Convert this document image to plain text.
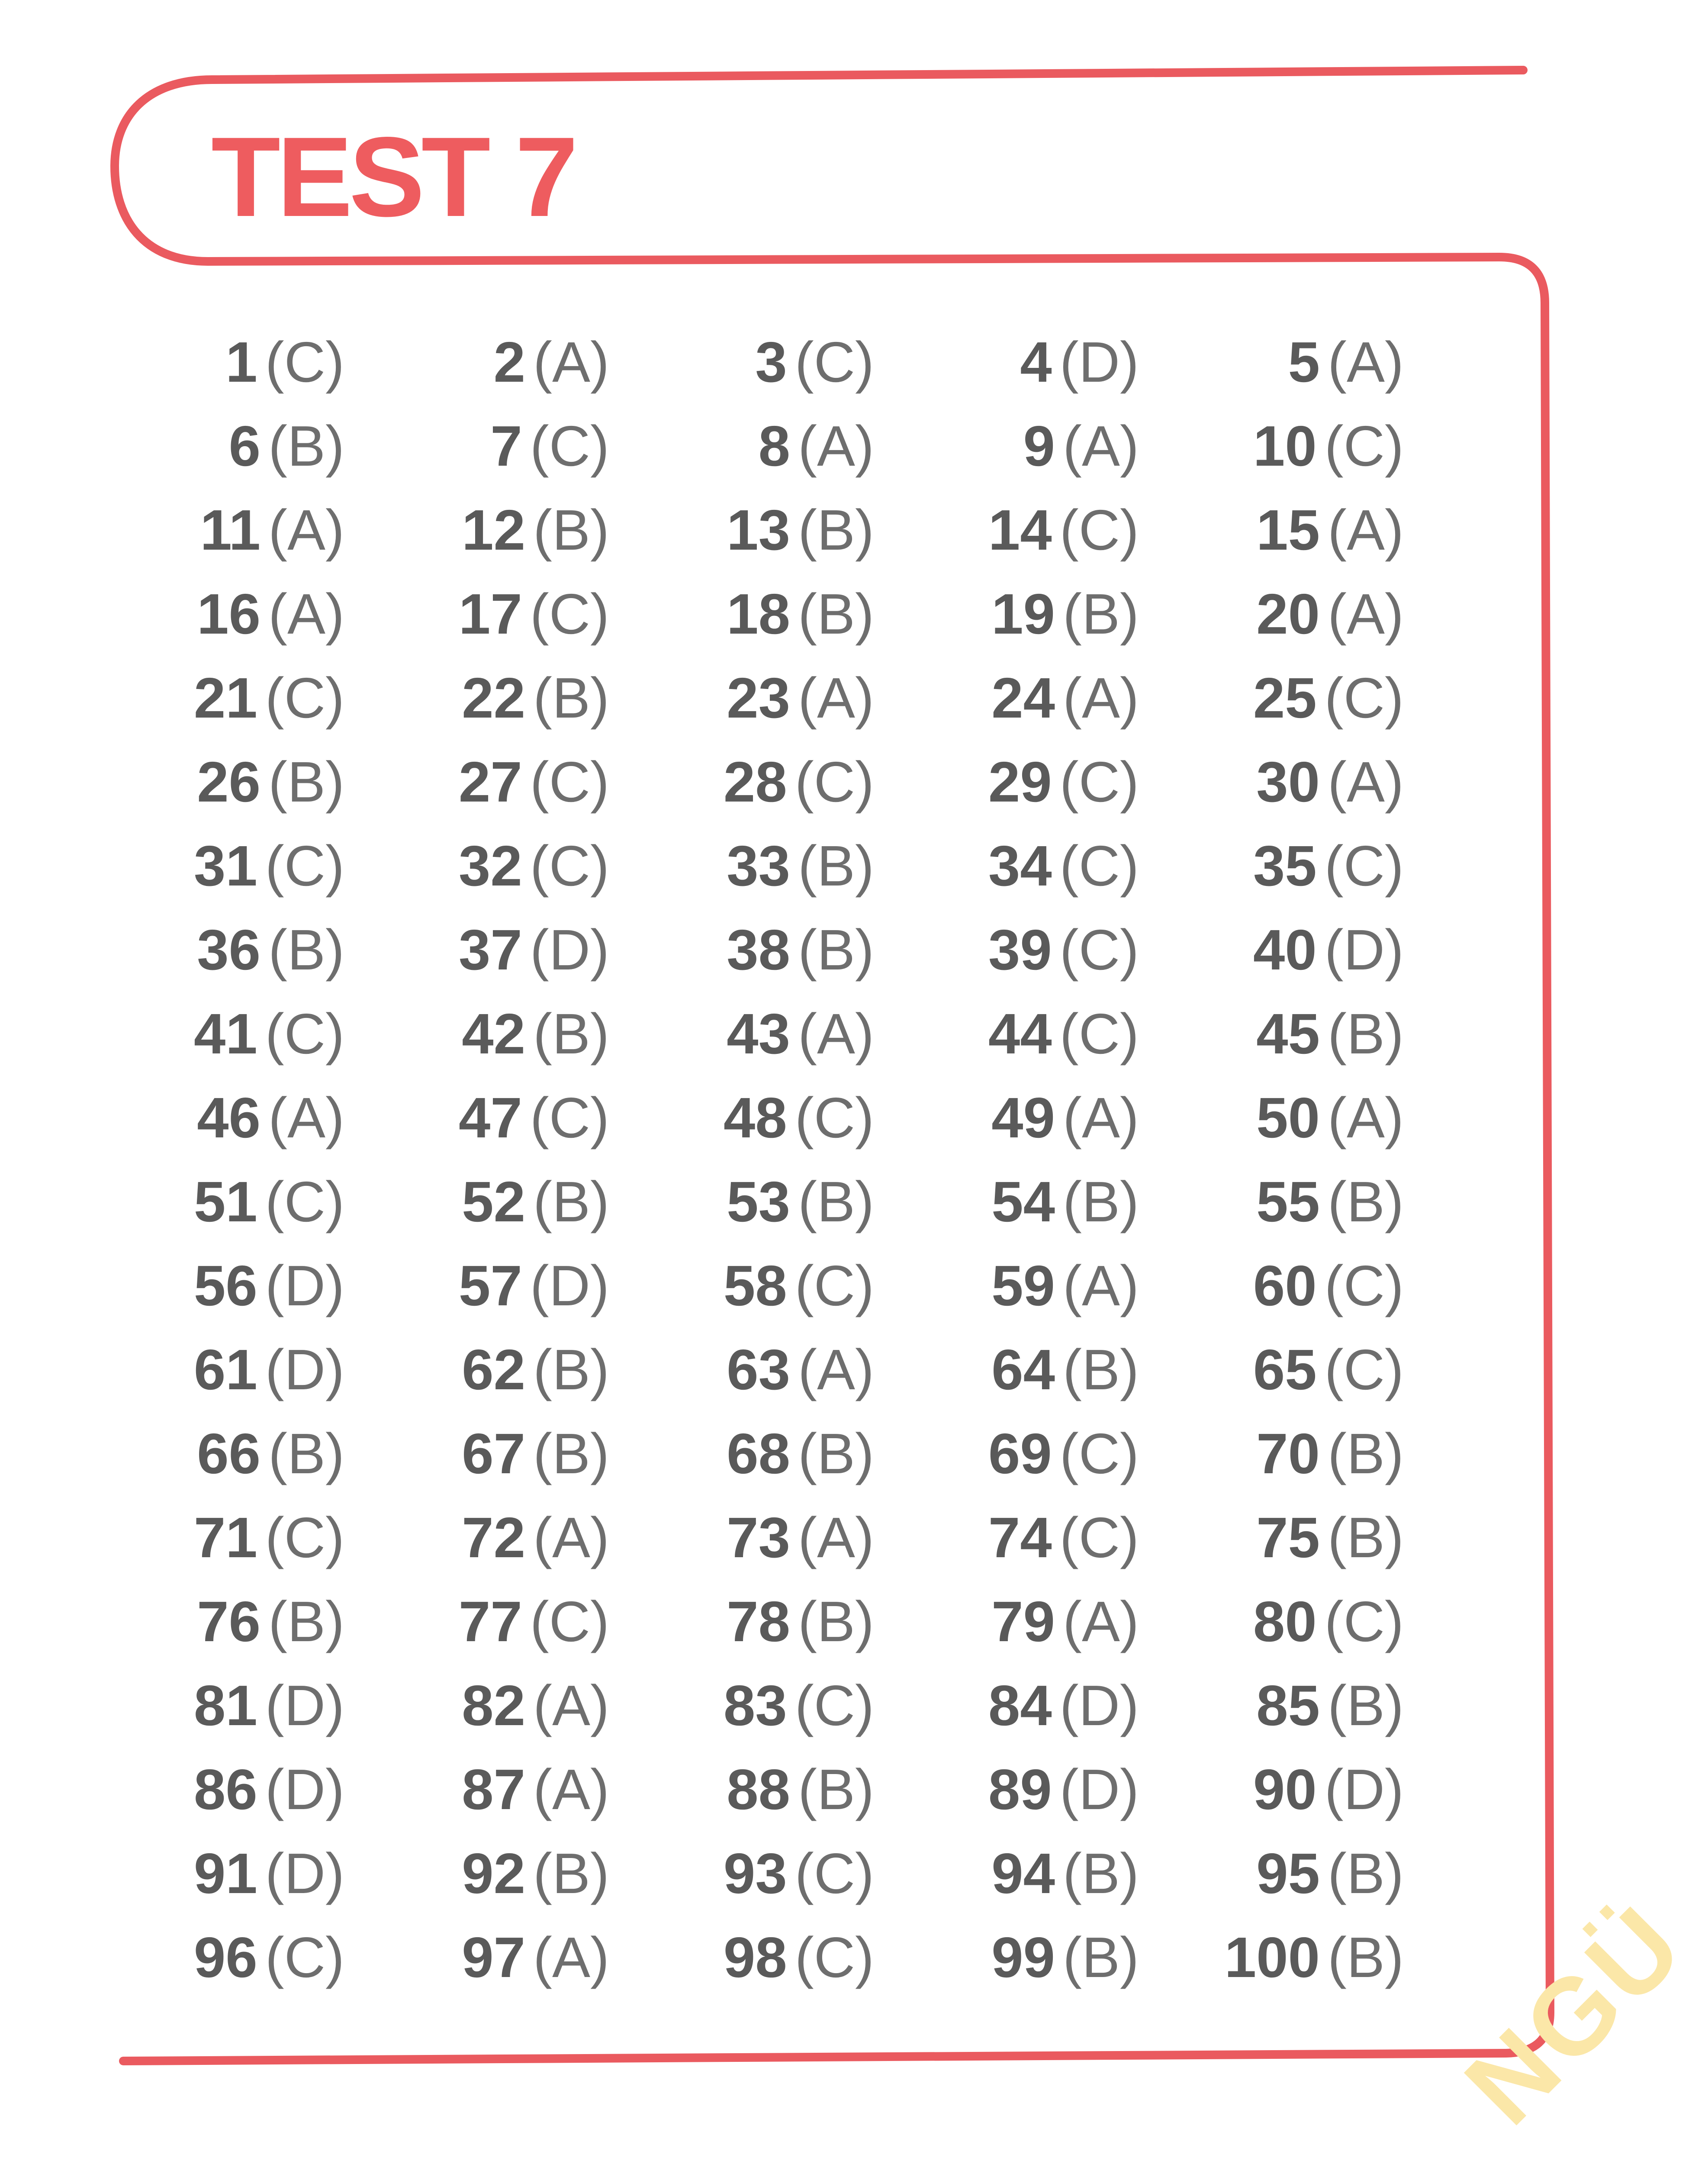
TEST 7
1 (C)	2 (A)	3 (C)	4 (D)	5 (A)
6 (B)	7 (C)	8 (A)	9 (A) 10 (C)
11 (A) 12 (B) 13 (B) 14 (C) 15 (A)
16 (A) 17 (C) 18 (B) 19 (B) 20 (A)
21 (C) 22 (B) 23 (A) 24 (A) 25 (C)
26 (B) 27 (C) 28 (C) 29 (C) 30 (A)
31 (C) 32 (C) 33 (B) 34 (C) 35 (C)
36 (B) 37 (D) 38 (B) 39 (C) 40 (D)
41 (C) 42 (B) 43 (A) 44 (C) 45 (B)
46 (A) 47 (C) 48 (C) 49 (A) 50 (A)
51 (C) 52 (B) 53 (B) 54 (B) 55 (B)
56 (D) 57 (D) 58 (C) 59 (A) 60 (C)
61 (D) 62 (B) 63 (A) 64 (B) 65 (C)
66 (B) 67 (B) 68 (B) 69 (C) 70 (B)
71 (C) 72 (A) 73 (A) 74 (C) 75 (B)
76 (B) 77 (C) 78 (B) 79 (A) 80 (C)
81 (D) 82 (A) 83 (C) 84 (D) 85 (B)
86 (D) 87 (A) 88 (B) 89 (D) 90 (D)
91 (D) 92 (B) 93 (C) 94 (B) 95 (B)
96 (C) 97 (A) 98 (C) 99 (B) 100 (B) NGÜ
